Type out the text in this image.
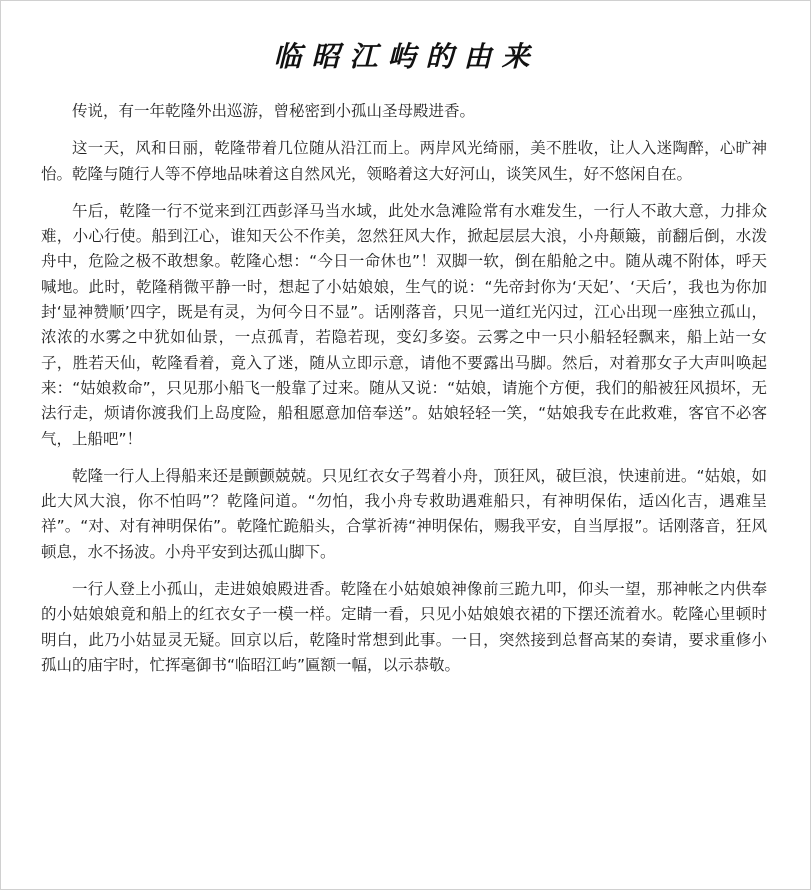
临昭江屿的由来

传说，有一年乾隆外出巡游，曾秘密到小孤山圣母殿进香。

这一天，风和日丽，乾隆带着几位随从沿江而上。两岸风光绮丽，美不胜收，让人入迷陶醉，心旷神怡。乾隆与随行人等不停地品味着这自然风光，领略着这大好河山，谈笑风生，好不悠闲自在。

午后，乾隆一行不觉来到江西彭泽马当水域，此处水急滩险常有水难发生，一行人不敢大意，力排众难，小心行使。船到江心，谁知天公不作美，忽然狂风大作，掀起层层大浪，小舟颠簸，前翻后倒，水泼舟中，危险之极不敢想象。乾隆心想：“今日一命休也”！双脚一软，倒在船舱之中。随从魂不附体，呼天喊地。此时，乾隆稍微平静一时，想起了小姑娘娘，生气的说：“先帝封你为‘天妃’、‘天后’，我也为你加封‘显神赞顺’四字，既是有灵，为何今日不显”。话刚落音，只见一道红光闪过，江心出现一座独立孤山，浓浓的水雾之中犹如仙景，一点孤青，若隐若现，变幻多姿。云雾之中一只小船轻轻飘来，船上站一女子，胜若天仙，乾隆看着，竟入了迷，随从立即示意，请他不要露出马脚。然后，对着那女子大声叫唤起来：“姑娘救命”，只见那小船飞一般靠了过来。随从又说：“姑娘，请施个方便，我们的船被狂风损坏，无法行走，烦请你渡我们上岛度险，船租愿意加倍奉送”。姑娘轻轻一笑，“姑娘我专在此救难，客官不必客气，上船吧”！

乾隆一行人上得船来还是颤颤兢兢。只见红衣女子驾着小舟，顶狂风，破巨浪，快速前进。“姑娘，如此大风大浪，你不怕吗”？乾隆问道。“勿怕，我小舟专救助遇难船只，有神明保佑，适凶化吉，遇难呈祥”。“对、对有神明保佑”。乾隆忙跪船头，合掌祈祷“神明保佑，赐我平安，自当厚报”。话刚落音，狂风顿息，水不扬波。小舟平安到达孤山脚下。

一行人登上小孤山，走进娘娘殿进香。乾隆在小姑娘娘神像前三跪九叩，仰头一望，那神帐之内供奉的小姑娘娘竟和船上的红衣女子一模一样。定睛一看，只见小姑娘娘衣裙的下摆还流着水。乾隆心里顿时明白，此乃小姑显灵无疑。回京以后，乾隆时常想到此事。一日，突然接到总督高某的奏请，要求重修小孤山的庙宇时，忙挥毫御书“临昭江屿”匾额一幅，以示恭敬。
